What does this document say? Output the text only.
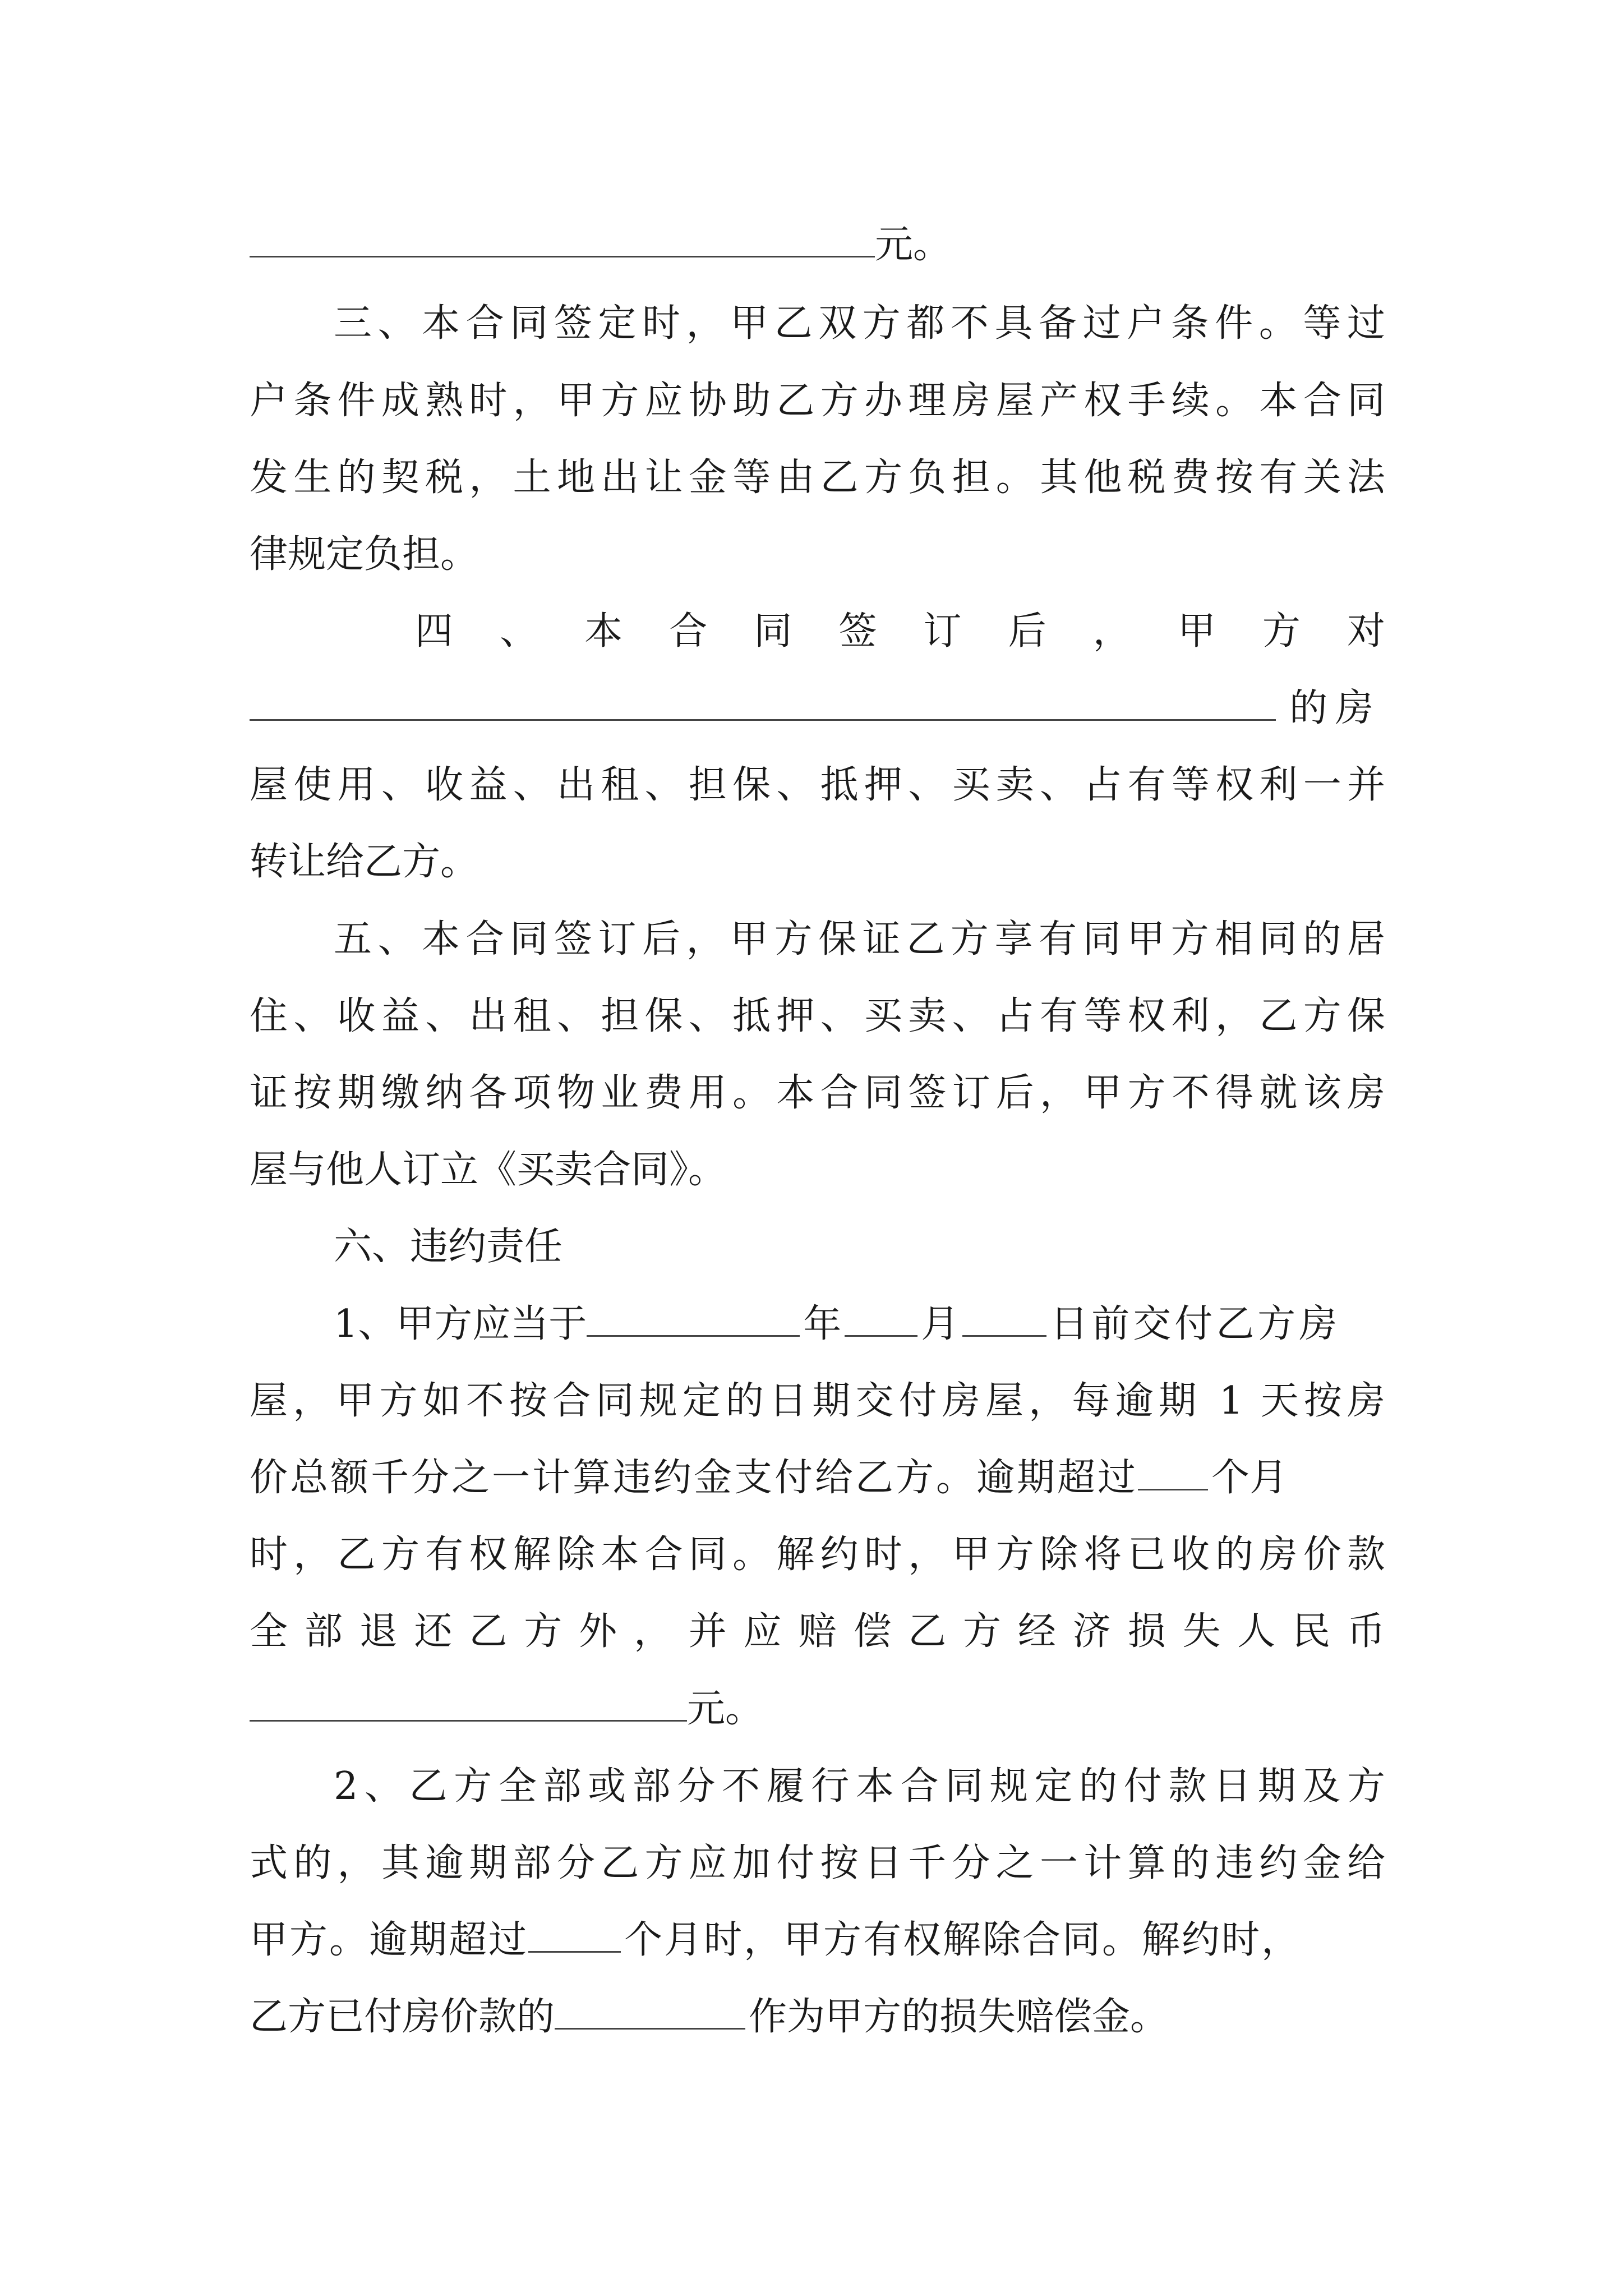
元。
三、本合同签定时，甲乙双方都不具备过户条件。等过
户条件成熟时，甲方应协助乙方办理房屋产权手续。本合同
发生的契税，土地出让金等由乙方负担。其他税费按有关法
律规定负担。
四、本合同签订后，甲方对
的房
屋使用、收益、出租、担保、抵押、买卖、占有等权利一并
转让给乙方。
五、本合同签订后，甲方保证乙方享有同甲方相同的居
住、收益、出租、担保、抵押、买卖、占有等权利，乙方保
证按期缴纳各项物业费用。本合同签订后，甲方不得就该房
屋与他人订立《买卖合同》。
六、违约责任
1、甲方应当于	年 月 日前交付乙方房
屋，甲方如不按合同规定的日期交付房屋，每逾期 1 天按房
价总额千分之一计算违约金支付给乙方。逾期超过 个月
时，乙方有权解除本合同。解约时，甲方除将已收的房价款
全部退还乙方外，并应赔偿乙方经济损失人民币
元。
2、乙方全部或部分不履行本合同规定的付款日期及方
式的，其逾期部分乙方应加付按日千分之一计算的违约金给
甲方。逾期超过	个月时，甲方有权解除合同。解约时，
乙方已付房价款的	作为甲方的损失赔偿金。
